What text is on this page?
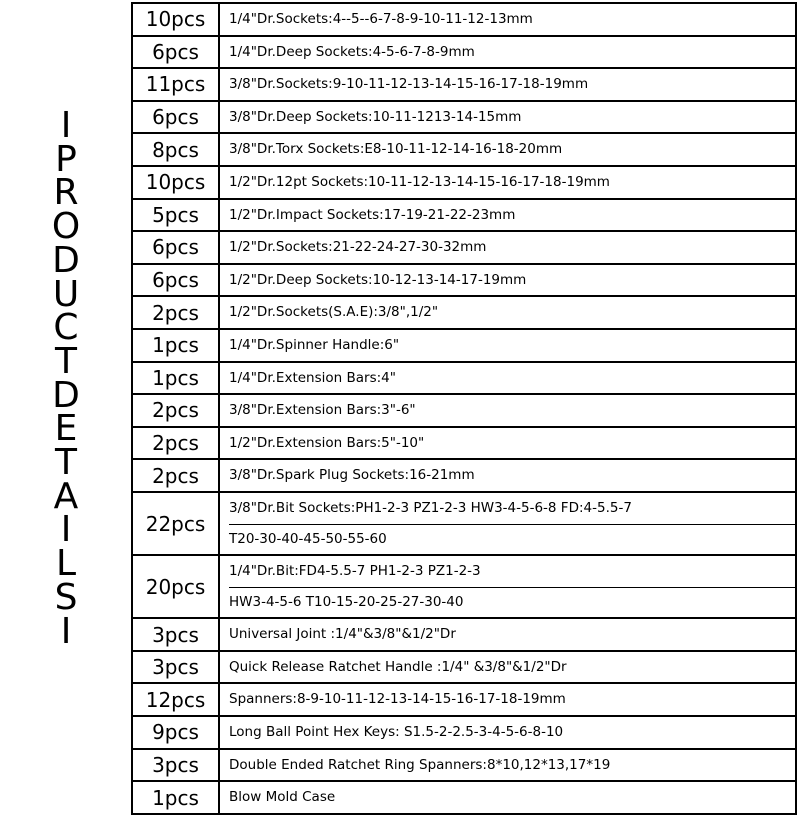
I
P
R
O
D
U
C
T
D
E
T
A
I
L
S
I
10pcs	1/4"Dr.Sockets:4--5--6-7-8-9-10-11-12-13mm

6pcs	1/4"Dr.Deep Sockets:4-5-6-7-8-9mm

11pcs	3/8"Dr.Sockets:9-10-11-12-13-14-15-16-17-18-19mm

6pcs	3/8"Dr.Deep Sockets:10-11-1213-14-15mm

8pcs	3/8"Dr.Torx Sockets:E8-10-11-12-14-16-18-20mm

10pcs	1/2"Dr.12pt Sockets:10-11-12-13-14-15-16-17-18-19mm

5pcs	1/2"Dr.Impact Sockets:17-19-21-22-23mm

6pcs	1/2"Dr.Sockets:21-22-24-27-30-32mm

6pcs	1/2"Dr.Deep Sockets:10-12-13-14-17-19mm

2pcs	1/2"Dr.Sockets(S.A.E):3/8",1/2"

1pcs	1/4"Dr.Spinner Handle:6"

1pcs	1/4"Dr.Extension Bars:4"

2pcs	3/8"Dr.Extension Bars:3"-6"

2pcs	1/2"Dr.Extension Bars:5"-10"

2pcs	3/8"Dr.Spark Plug Sockets:16-21mm

22pcs	3/8"Dr.Bit Sockets:PH1-2-3 PZ1-2-3 HW3-4-5-6-8 FD:4-5.5-7
T20-30-40-45-50-55-60

20pcs	1/4"Dr.Bit:FD4-5.5-7 PH1-2-3 PZ1-2-3
HW3-4-5-6 T10-15-20-25-27-30-40

3pcs	Universal Joint :1/4"&3/8"&1/2"Dr

3pcs	Quick Release Ratchet Handle :1/4" &3/8"&1/2"Dr

12pcs	Spanners:8-9-10-11-12-13-14-15-16-17-18-19mm

9pcs	Long Ball Point Hex Keys: S1.5-2-2.5-3-4-5-6-8-10

3pcs	Double Ended Ratchet Ring Spanners:8*10,12*13,17*19

1pcs	Blow Mold Case
